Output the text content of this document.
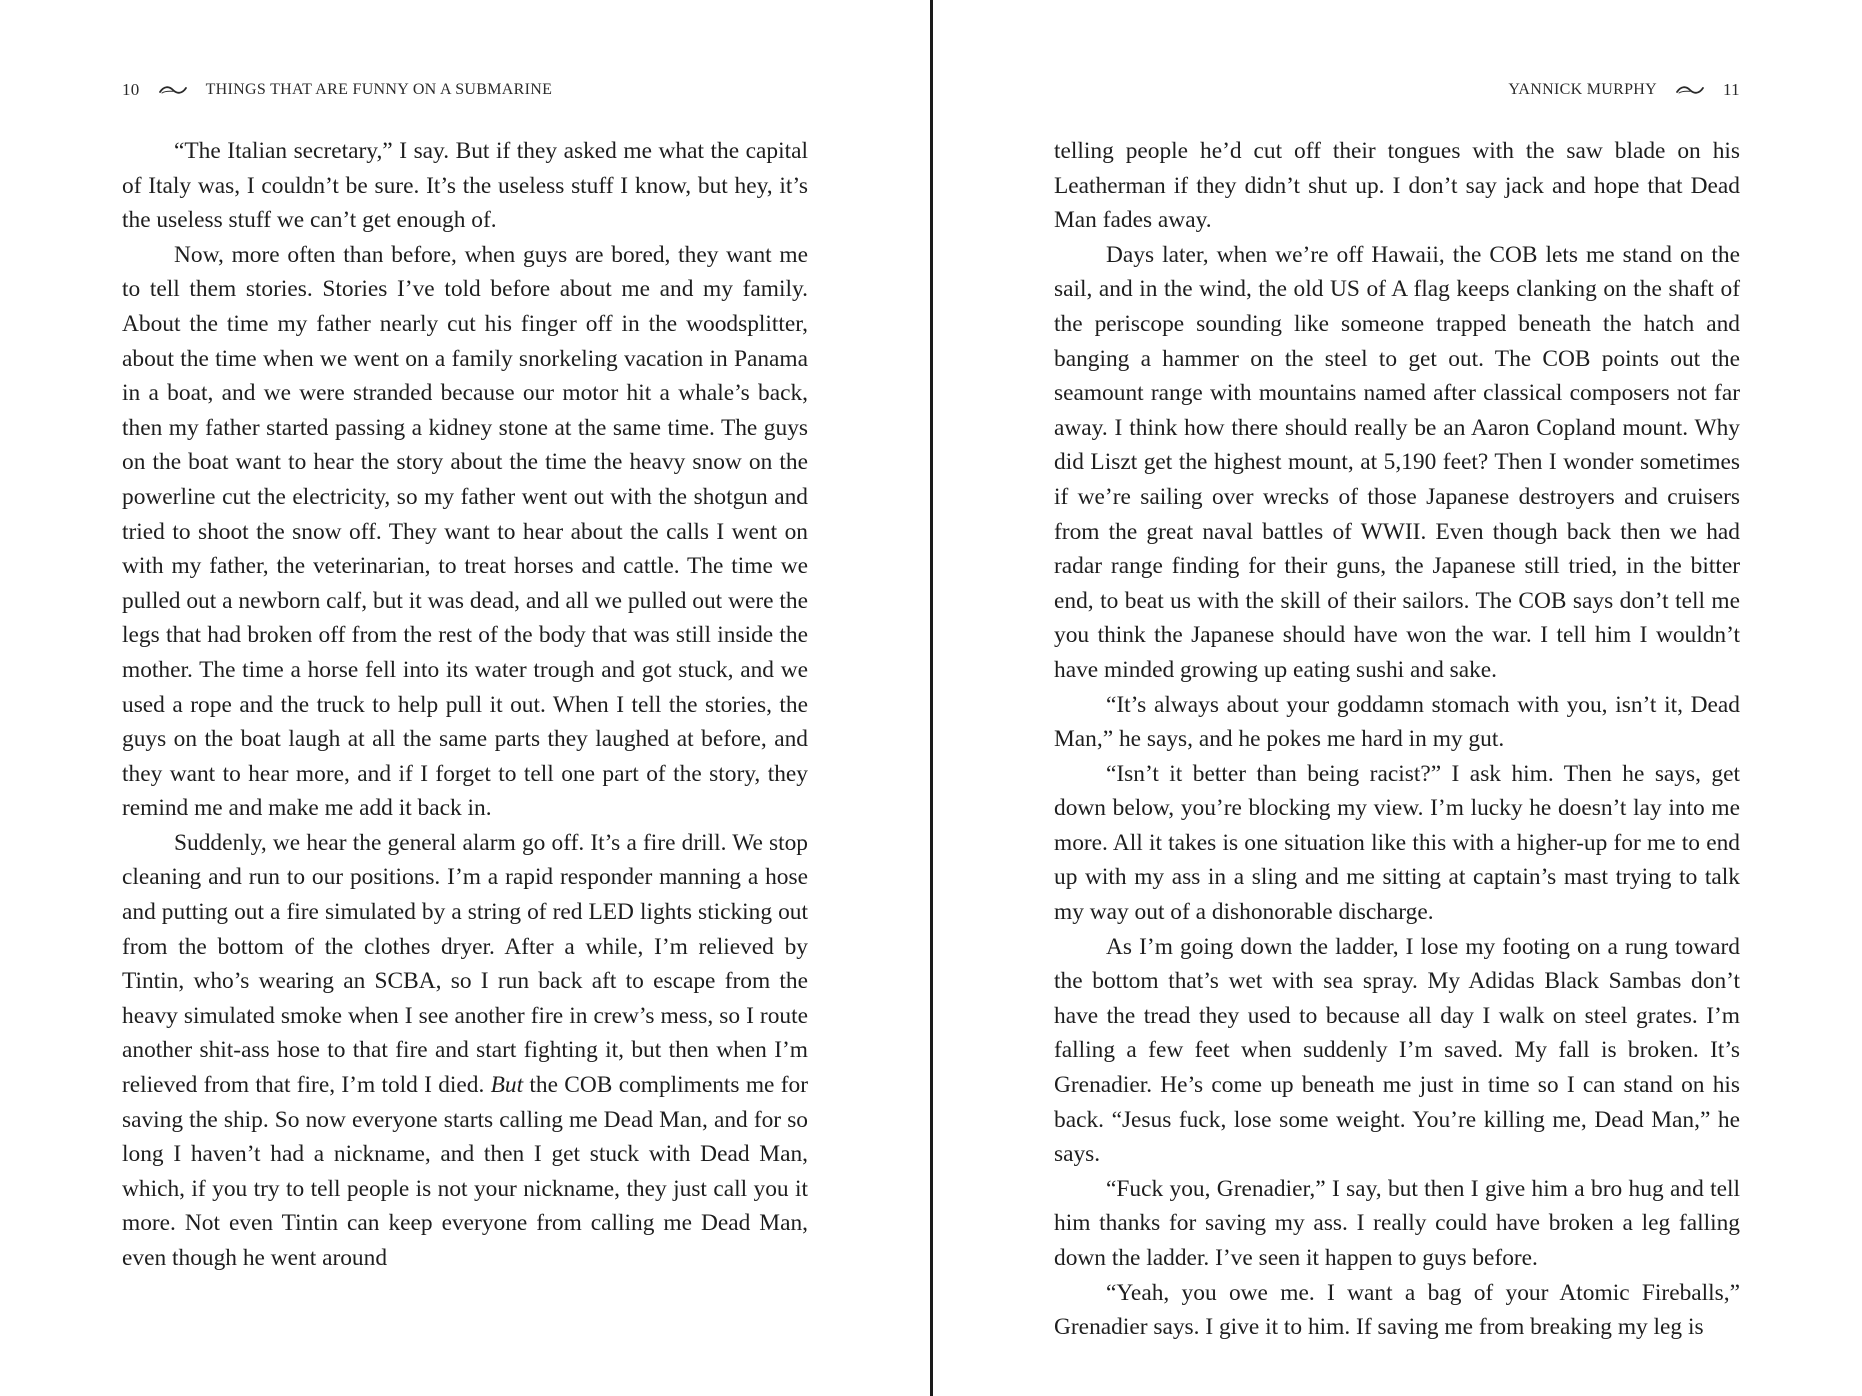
10	THINGS THAT ARE FUNNY ON A SUBMARINE

“The Italian secretary,” I say. But if they asked me what the capital of Italy was, I couldn’t be sure. It’s the useless stuff I know, but hey, it’s the useless stuff we can’t get enough of.

Now, more often than before, when guys are bored, they want me to tell them stories. Stories I’ve told before about me and my family. About the time my father nearly cut his finger off in the woodsplitter, about the time when we went on a family snorkeling vacation in Panama in a boat, and we were stranded because our motor hit a whale’s back, then my father started passing a kidney stone at the same time. The guys on the boat want to hear the story about the time the heavy snow on the powerline cut the electricity, so my father went out with the shotgun and tried to shoot the snow off. They want to hear about the calls I went on with my father, the veterinarian, to treat horses and cattle. The time we pulled out a newborn calf, but it was dead, and all we pulled out were the legs that had broken off from the rest of the body that was still inside the mother. The time a horse fell into its water trough and got stuck, and we used a rope and the truck to help pull it out. When I tell the stories, the guys on the boat laugh at all the same parts they laughed at before, and they want to hear more, and if I forget to tell one part of the story, they remind me and make me add it back in.

Suddenly, we hear the general alarm go off. It’s a fire drill. We stop cleaning and run to our positions. I’m a rapid responder manning a hose and putting out a fire simulated by a string of red LED lights sticking out from the bottom of the clothes dryer. After a while, I’m relieved by Tintin, who’s wearing an SCBA, so I run back aft to escape from the heavy simulated smoke when I see another fire in crew’s mess, so I route another shit-ass hose to that fire and start fighting it, but then when I’m relieved from that fire, I’m told I died. But the COB compliments me for saving the ship. So now everyone starts calling me Dead Man, and for so long I haven’t had a nickname, and then I get stuck with Dead Man, which, if you try to tell people is not your nickname, they just call you it more. Not even Tintin can keep everyone from calling me Dead Man, even though he went around

YANNICK MURPHY	11

telling people he’d cut off their tongues with the saw blade on his Leatherman if they didn’t shut up. I don’t say jack and hope that Dead Man fades away.

Days later, when we’re off Hawaii, the COB lets me stand on the sail, and in the wind, the old US of A flag keeps clanking on the shaft of the periscope sounding like someone trapped beneath the hatch and banging a hammer on the steel to get out. The COB points out the seamount range with mountains named after classical composers not far away. I think how there should really be an Aaron Copland mount. Why did Liszt get the highest mount, at 5,190 feet? Then I wonder sometimes if we’re sailing over wrecks of those Japanese destroyers and cruisers from the great naval battles of WWII. Even though back then we had radar range finding for their guns, the Japanese still tried, in the bitter end, to beat us with the skill of their sailors. The COB says don’t tell me you think the Japanese should have won the war. I tell him I wouldn’t have minded growing up eating sushi and sake.

“It’s always about your goddamn stomach with you, isn’t it, Dead Man,” he says, and he pokes me hard in my gut.

“Isn’t it better than being racist?” I ask him. Then he says, get down below, you’re blocking my view. I’m lucky he doesn’t lay into me more. All it takes is one situation like this with a higher-up for me to end up with my ass in a sling and me sitting at captain’s mast trying to talk my way out of a dishonorable discharge.

As I’m going down the ladder, I lose my footing on a rung toward the bottom that’s wet with sea spray. My Adidas Black Sambas don’t have the tread they used to because all day I walk on steel grates. I’m falling a few feet when suddenly I’m saved. My fall is broken. It’s Grenadier. He’s come up beneath me just in time so I can stand on his back. “Jesus fuck, lose some weight. You’re killing me, Dead Man,” he says.

“Fuck you, Grenadier,” I say, but then I give him a bro hug and tell him thanks for saving my ass. I really could have broken a leg falling down the ladder. I’ve seen it happen to guys before.

“Yeah, you owe me. I want a bag of your Atomic Fireballs,” Grenadier says. I give it to him. If saving me from breaking my leg is
